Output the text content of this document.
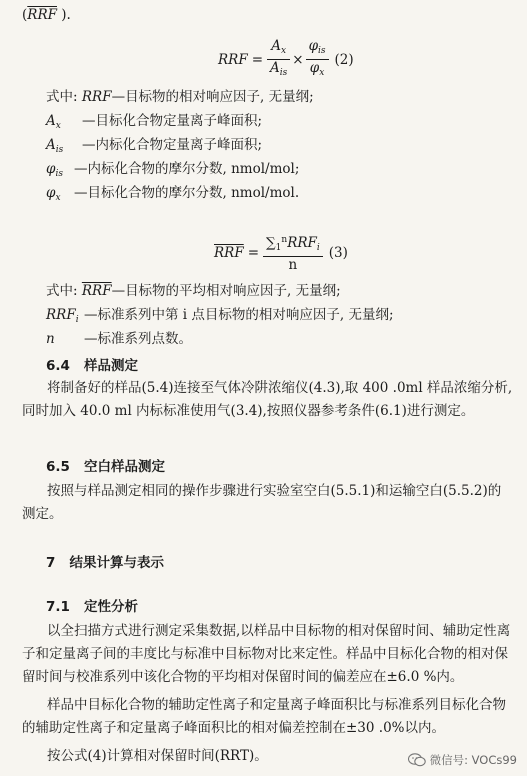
($\overline{RRF}$ ).
RRF = $\frac{A_x}{A_{is}} \times \frac{\varphi_{is}}{\varphi_x} (2)$
式中: RRF—目标物的相对响应因子, 无量纲;
$A_x$ —目标化合物定量离子峰面积;
$A_{is}$ —内标化合物定量离子峰面积;
$\varphi_{is}$ —内标化合物的摩尔分数, nmol/mol;
$\varphi_x$ —目标化合物的摩尔分数, nmol/mol.
$\overline{RRF} = \frac{\sum_1^nRRF_i}{n} (3)$
式中: $\overline{RRF}—$目标物的平均相对响应因子, 无量纲;
$RRF_i$ —标准系列中第 i 点目标物的相对响应因子, 无量纲;
n —标准系列点数。
6.4 样品测定
将制备好的样品(5.4)连接至气体冷阱浓缩仪(4.3),取 400 .0ml 样品浓缩分析,同时加入 40.0 ml 内标标准使用气(3.4),按照仪器参考条件(6.1)进行测定。
6.5 空白样品测定
按照与样品测定相同的操作步骤进行实验室空白(5.5.1)和运输空白(5.5.2)的测定。
7 结果计算与表示
7.1 定性分析
以全扫描方式进行测定采集数据,以样品中目标物的相对保留时间、辅助定性离子和定量离子间的丰度比与标准中目标物对比来定性。样品中目标化合物的相对保留时间与校准系列中该化合物的平均相对保留时间的偏差应在±6.0 %内。
样品中目标化合物的辅助定性离子和定量离子峰面积比与标准系列目标化合物的辅助定性离子和定量离子峰面积比的相对偏差控制在±30 .0%以内。
按公式(4)计算相对保留时间(RRT)。	微信号: VOCs99
